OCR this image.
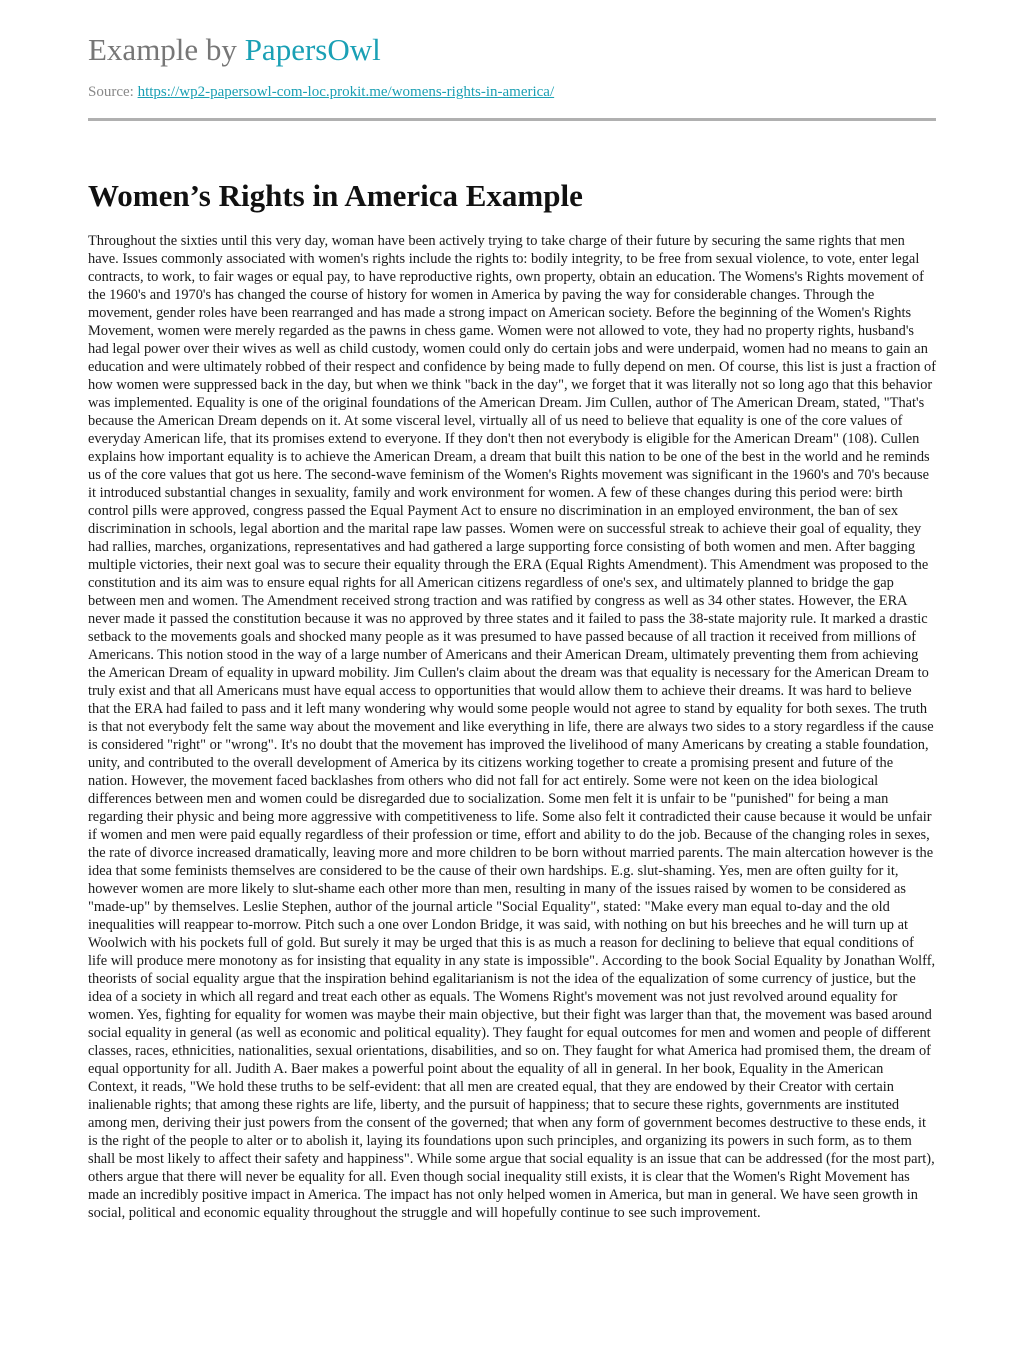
Example by PapersOwl
Source: https://wp2-papersowl-com-loc.prokit.me/womens-rights-in-america/
Women’s Rights in America Example
Throughout the sixties until this very day, woman have been actively trying to take charge of their future by securing the same rights that men have. Issues commonly associated with women's rights include the rights to: bodily integrity, to be free from sexual violence, to vote, enter legal contracts, to work, to fair wages or equal pay, to have reproductive rights, own property, obtain an education. The Womens's Rights movement of the 1960's and 1970's has changed the course of history for women in America by paving the way for considerable changes. Through the movement, gender roles have been rearranged and has made a strong impact on American society. Before the beginning of the Women's Rights Movement, women were merely regarded as the pawns in chess game. Women were not allowed to vote, they had no property rights, husband's had legal power over their wives as well as child custody, women could only do certain jobs and were underpaid, women had no means to gain an education and were ultimately robbed of their respect and confidence by being made to fully depend on men. Of course, this list is just a fraction of how women were suppressed back in the day, but when we think "back in the day", we forget that it was literally not so long ago that this behavior was implemented. Equality is one of the original foundations of the American Dream. Jim Cullen, author of The American Dream, stated, "That's because the American Dream depends on it. At some visceral level, virtually all of us need to believe that equality is one of the core values of everyday American life, that its promises extend to everyone. If they don't then not everybody is eligible for the American Dream" (108). Cullen explains how important equality is to achieve the American Dream, a dream that built this nation to be one of the best in the world and he reminds us of the core values that got us here. The second-wave feminism of the Women's Rights movement was significant in the 1960's and 70's because it introduced substantial changes in sexuality, family and work environment for women. A few of these changes during this period were: birth control pills were approved, congress passed the Equal Payment Act to ensure no discrimination in an employed environment, the ban of sex discrimination in schools, legal abortion and the marital rape law passes. Women were on successful streak to achieve their goal of equality, they had rallies, marches, organizations, representatives and had gathered a large supporting force consisting of both women and men. After bagging multiple victories, their next goal was to secure their equality through the ERA (Equal Rights Amendment). This Amendment was proposed to the constitution and its aim was to ensure equal rights for all American citizens regardless of one's sex, and ultimately planned to bridge the gap between men and women. The Amendment received strong traction and was ratified by congress as well as 34 other states. However, the ERA never made it passed the constitution because it was no approved by three states and it failed to pass the 38-state majority rule. It marked a drastic setback to the movements goals and shocked many people as it was presumed to have passed because of all traction it received from millions of Americans. This notion stood in the way of a large number of Americans and their American Dream, ultimately preventing them from achieving the American Dream of equality in upward mobility. Jim Cullen's claim about the dream was that equality is necessary for the American Dream to truly exist and that all Americans must have equal access to opportunities that would allow them to achieve their dreams. It was hard to believe that the ERA had failed to pass and it left many wondering why would some people would not agree to stand by equality for both sexes. The truth is that not everybody felt the same way about the movement and like everything in life, there are always two sides to a story regardless if the cause is considered "right" or "wrong". It's no doubt that the movement has improved the livelihood of many Americans by creating a stable foundation, unity, and contributed to the overall development of America by its citizens working together to create a promising present and future of the nation. However, the movement faced backlashes from others who did not fall for act entirely. Some were not keen on the idea biological differences between men and women could be disregarded due to socialization. Some men felt it is unfair to be "punished" for being a man regarding their physic and being more aggressive with competitiveness to life. Some also felt it contradicted their cause because it would be unfair if women and men were paid equally regardless of their profession or time, effort and ability to do the job. Because of the changing roles in sexes, the rate of divorce increased dramatically, leaving more and more children to be born without married parents. The main altercation however is the idea that some feminists themselves are considered to be the cause of their own hardships. E.g. slut-shaming. Yes, men are often guilty for it, however women are more likely to slut-shame each other more than men, resulting in many of the issues raised by women to be considered as "made-up" by themselves. Leslie Stephen, author of the journal article "Social Equality", stated: "Make every man equal to-day and the old inequalities will reappear to-morrow. Pitch such a one over London Bridge, it was said, with nothing on but his breeches and he will turn up at Woolwich with his pockets full of gold. But surely it may be urged that this is as much a reason for declining to believe that equal conditions of life will produce mere monotony as for insisting that equality in any state is impossible". According to the book Social Equality by Jonathan Wolff, theorists of social equality argue that the inspiration behind egalitarianism is not the idea of the equalization of some currency of justice, but the idea of a society in which all regard and treat each other as equals. The Womens Right's movement was not just revolved around equality for women. Yes, fighting for equality for women was maybe their main objective, but their fight was larger than that, the movement was based around social equality in general (as well as economic and political equality). They faught for equal outcomes for men and women and people of different classes, races, ethnicities, nationalities, sexual orientations, disabilities, and so on. They faught for what America had promised them, the dream of equal opportunity for all. Judith A. Baer makes a powerful point about the equality of all in general. In her book, Equality in the American Context, it reads, "We hold these truths to be self-evident: that all men are created equal, that they are endowed by their Creator with certain inalienable rights; that among these rights are life, liberty, and the pursuit of happiness; that to secure these rights, governments are instituted among men, deriving their just powers from the consent of the governed; that when any form of government becomes destructive to these ends, it is the right of the people to alter or to abolish it, laying its foundations upon such principles, and organizing its powers in such form, as to them shall be most likely to affect their safety and happiness". While some argue that social equality is an issue that can be addressed (for the most part), others argue that there will never be equality for all. Even though social inequality still exists, it is clear that the Women's Right Movement has made an incredibly positive impact in America. The impact has not only helped women in America, but man in general. We have seen growth in social, political and economic equality throughout the struggle and will hopefully continue to see such improvement.
